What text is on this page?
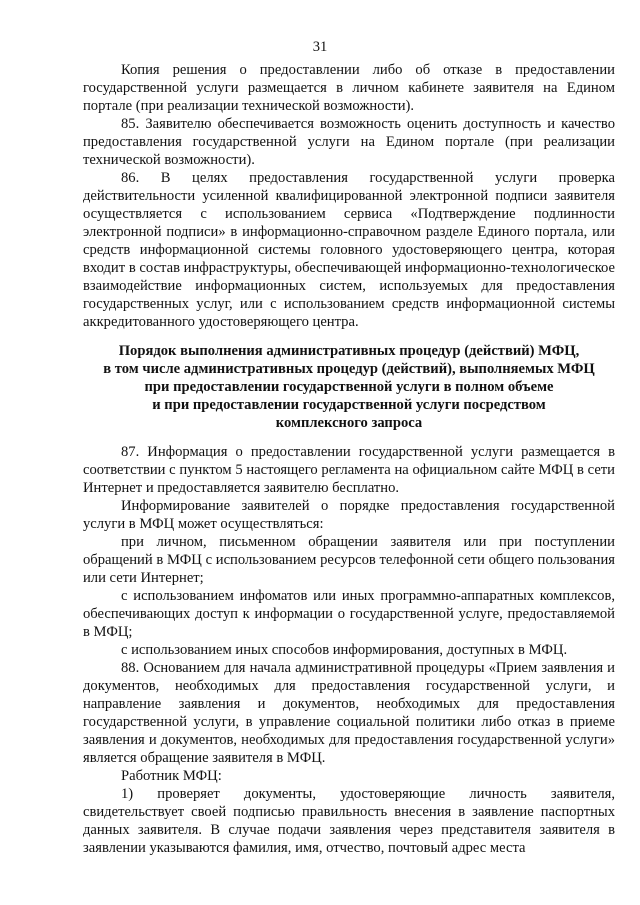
31

Копия решения о предоставлении либо об отказе в предоставлении государственной услуги размещается в личном кабинете заявителя на Едином портале (при реализации технической возможности).

85. Заявителю обеспечивается возможность оценить доступность и качество предоставления государственной услуги на Едином портале (при реализации технической возможности).

86. В целях предоставления государственной услуги проверка действительности усиленной квалифицированной электронной подписи заявителя осуществляется с использованием сервиса «Подтверждение подлинности электронной подписи» в информационно-справочном разделе Единого портала, или средств информационной системы головного удостоверяющего центра, которая входит в состав инфраструктуры, обеспечивающей информационно-технологическое взаимодействие информационных систем, используемых для предоставления государственных услуг, или с использованием средств информационной системы аккредитованного удостоверяющего центра.

Порядок выполнения административных процедур (действий) МФЦ,

в том числе административных процедур (действий), выполняемых МФЦ

при предоставлении государственной услуги в полном объеме

и при предоставлении государственной услуги посредством

комплексного запроса

87. Информация о предоставлении государственной услуги размещается в соответствии с пунктом 5 настоящего регламента на официальном сайте МФЦ в сети Интернет и предоставляется заявителю бесплатно.

Информирование заявителей о порядке предоставления государственной услуги в МФЦ может осуществляться:

при личном, письменном обращении заявителя или при поступлении обращений в МФЦ с использованием ресурсов телефонной сети общего пользования или сети Интернет;

с использованием инфоматов или иных программно-аппаратных комплексов, обеспечивающих доступ к информации о государственной услуге, предоставляемой в МФЦ;

с использованием иных способов информирования, доступных в МФЦ.

88. Основанием для начала административной процедуры «Прием заявления и документов, необходимых для предоставления государственной услуги, и направление заявления и документов, необходимых для предоставления государственной услуги, в управление социальной политики либо отказ в приеме заявления и документов, необходимых для предоставления государственной услуги» является обращение заявителя в МФЦ.

Работник МФЦ:

1) проверяет документы, удостоверяющие личность заявителя, свидетельствует своей подписью правильность внесения в заявление паспортных данных заявителя. В случае подачи заявления через представителя заявителя в заявлении указываются фамилия, имя, отчество, почтовый адрес места
